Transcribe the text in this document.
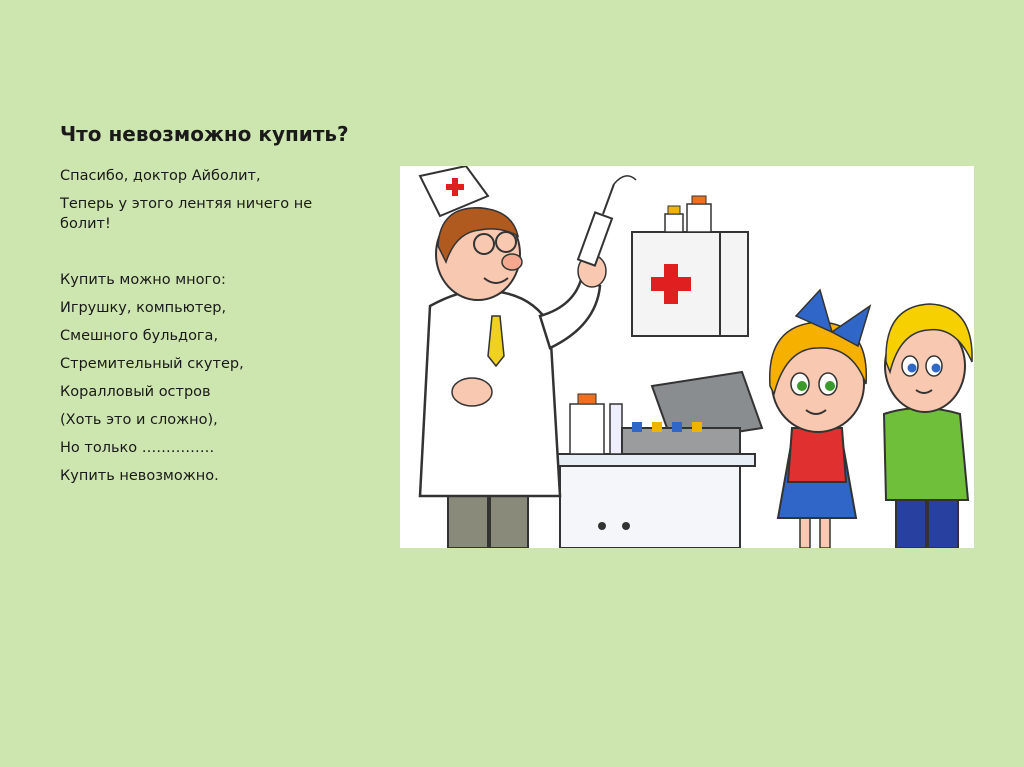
Что невозможно купить?

Спасибо, доктор Айболит,

Теперь у этого лентяя ничего не болит!

Купить можно много:

Игрушку, компьютер,

Смешного бульдога,

Стремительный скутер,

Коралловый остров

(Хоть это и сложно),

Но только ……………

Купить невозможно.
